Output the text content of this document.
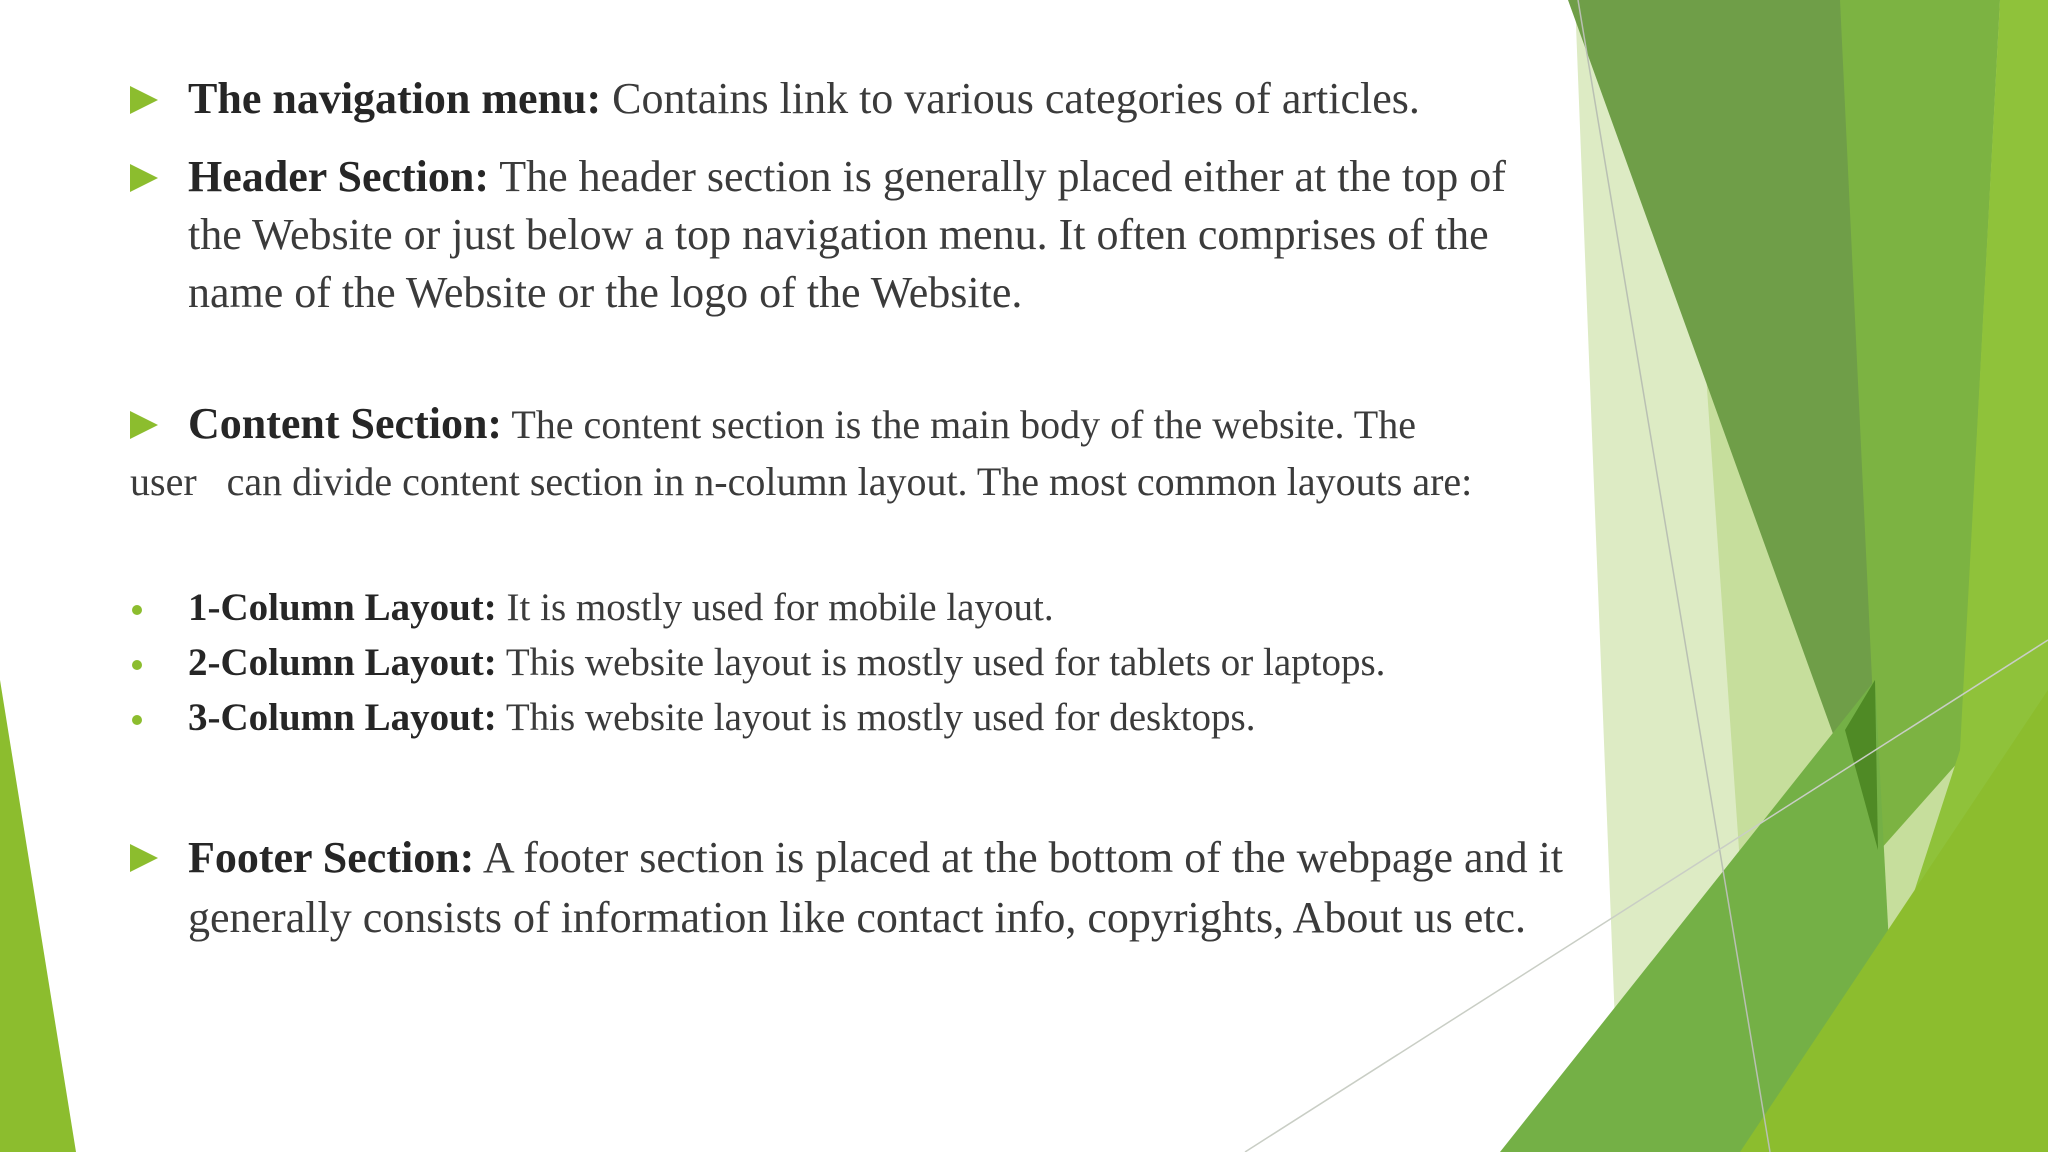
The navigation menu: Contains link to various categories of articles.
Header Section: The header section is generally placed either at the top of the Website or just below a top navigation menu. It often comprises of the name of the Website or the logo of the Website.
Content Section: The content section is the main body of the website. The
user   can divide content section in n-column layout. The most common layouts are:
1-Column Layout: It is mostly used for mobile layout.
2-Column Layout: This website layout is mostly used for tablets or laptops.
3-Column Layout: This website layout is mostly used for desktops.
Footer Section: A footer section is placed at the bottom of the webpage and it generally consists of information like contact info, copyrights, About us etc.
